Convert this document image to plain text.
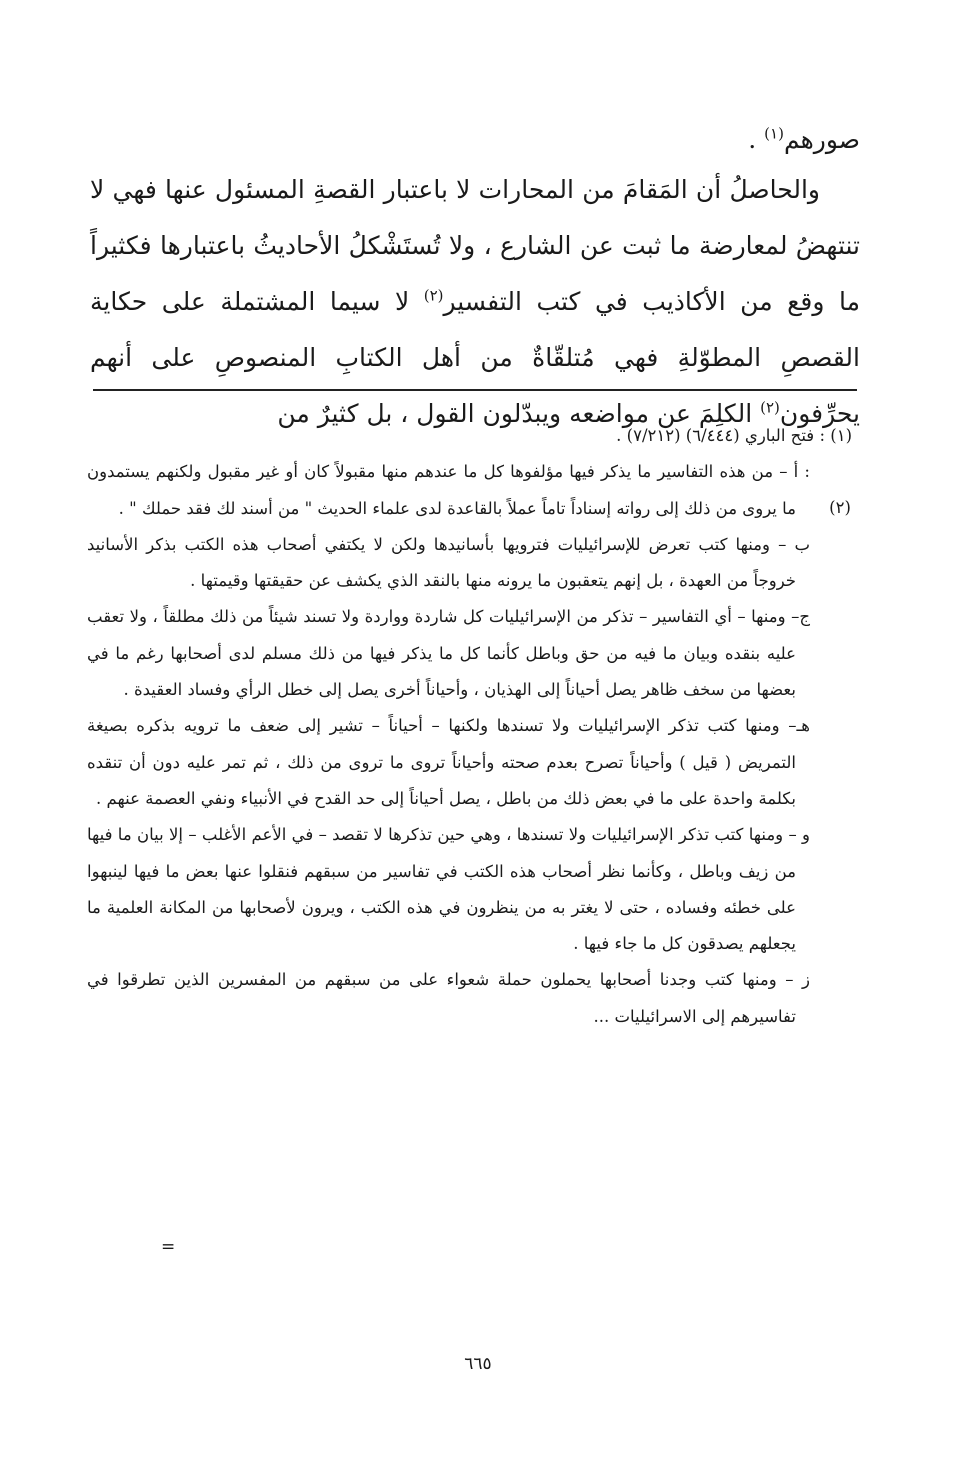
صورهم$^{(١)}$ .

والحاصلُ أن المَقامَ من المحارات لا باعتبار القصةِ المسئول عنها فهي لا تنتهضُ لمعارضة ما ثبت عن الشارع ، ولا تُستَشْكلُ الأحاديثُ باعتبارها فكثيراً ما وقع من الأكاذيب في كتب التفسير$^{(٢)}$ لا سيما المشتملة على حكاية القصصِ المطوّلةِ فهي مُتلقّاةٌ من أهل الكتابِ المنصوصِ على أنهم يحرِّفون$^{(٢)}$ الكلِمَ عن مواضعه ويبدّلون القول ، بل كثيرٌ من

(١) :

فتح الباري (٦/٤٤٤) (٧/٢١٢) .
(٢)

: أ – من هذه التفاسير ما يذكر فيها مؤلفوها كل ما عندهم منها مقبولاً كان أو غير مقبول ولكنهم يستمدون ما يروى من ذلك إلى رواته إسناداً تاماً عملاً بالقاعدة لدى علماء الحديث " من أسند لك فقد حملك " .

ب – ومنها كتب تعرض للإسرائيليات فترويها بأسانيدها ولكن لا يكتفي أصحاب هذه الكتب بذكر الأسانيد خروجاً من العهدة ، بل إنهم يتعقبون ما يرونه منها بالنقد الذي يكشف عن حقيقتها وقيمتها .

ج– ومنها – أي التفاسير – تذكر من الإسرائيليات كل شاردة وواردة ولا تسند شيئاً من ذلك مطلقاً ، ولا تعقب عليه بنقده وبيان ما فيه من حق وباطل كأنما كل ما يذكر فيها من ذلك مسلم لدى أصحابها رغم ما في بعضها من سخف ظاهر يصل أحياناً إلى الهذيان ، وأحياناً أخرى يصل إلى خطل الرأي وفساد العقيدة .

هـ– ومنها كتب تذكر الإسرائيليات ولا تسندها ولكنها – أحياناً – تشير إلى ضعف ما ترويه بذكره بصيغة التمريض ( قيل ) وأحياناً تصرح بعدم صحته وأحياناً تروى ما تروى من ذلك ، ثم تمر عليه دون أن تنقده بكلمة واحدة على ما في بعض ذلك من باطل ، يصل أحياناً إلى حد القدح في الأنبياء ونفي العصمة عنهم .

و – ومنها كتب تذكر الإسرائيليات ولا تسندها ، وهي حين تذكرها لا تقصد – في الأعم الأغلب – إلا بيان ما فيها من زيف وباطل ، وكأنما نظر أصحاب هذه الكتب في تفاسير من سبقهم فنقلوا عنها بعض ما فيها لينبهوا على خطئه وفساده ، حتى لا يغتر به من ينظرون في هذه الكتب ، ويرون لأصحابها من المكانة العلمية ما يجعلهم يصدقون كل ما جاء فيها .

ز – ومنها كتب وجدنا أصحابها يحملون حملة شعواء على من سبقهم من المفسرين الذين تطرقوا في تفاسيرهم إلى الاسرائيليات ...

=
٦٦٥
